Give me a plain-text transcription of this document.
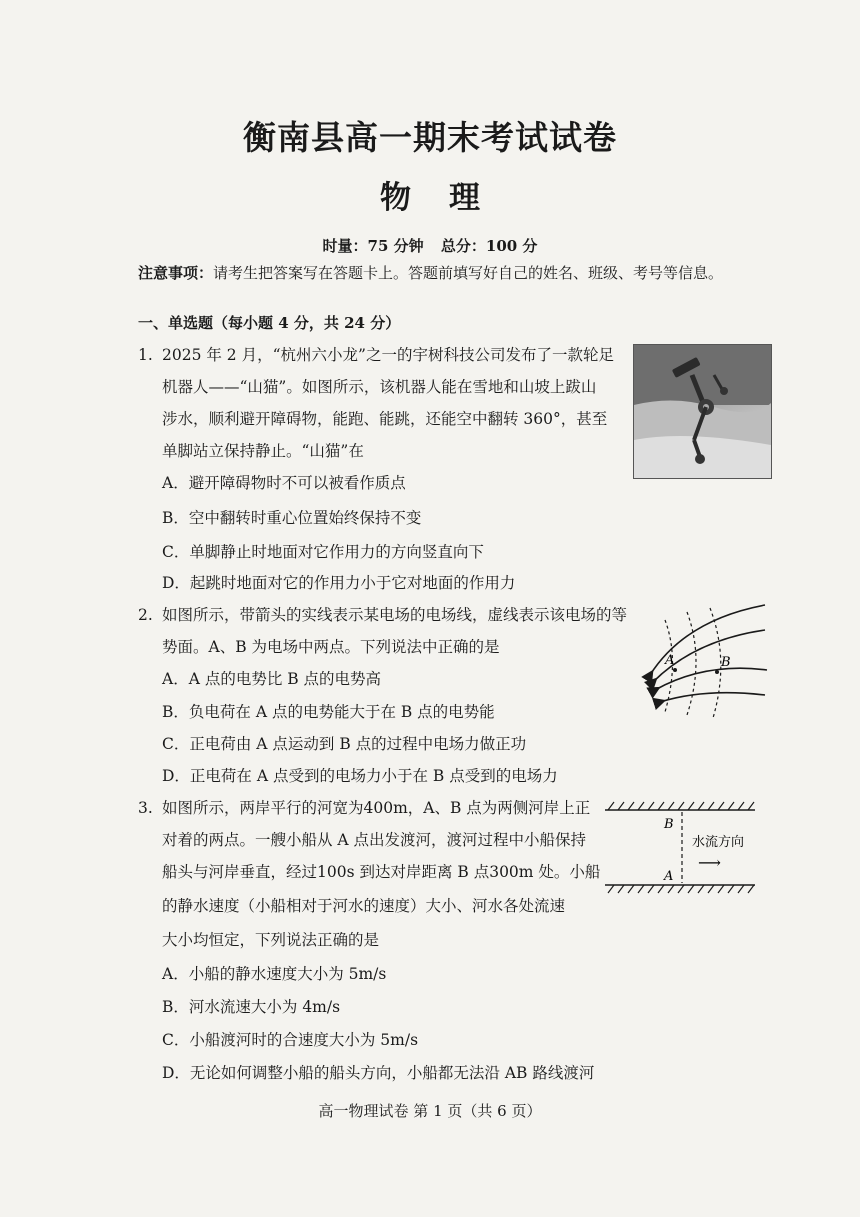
衡南县高一期末考试试卷
物理
时量：75 分钟 总分：100 分
注意事项：请考生把答案写在答题卡上。答题前填写好自己的姓名、班级、考号等信息。
一、单选题（每小题 4 分，共 24 分）
1. 2025 年 2 月，“杭州六小龙”之一的宇树科技公司发布了一款轮足
机器人——“山猫”。如图所示，该机器人能在雪地和山坡上跋山
涉水，顺利避开障碍物，能跑、能跳，还能空中翻转 360°，甚至
单脚站立保持静止。“山猫”在
A．避开障碍物时不可以被看作质点
B．空中翻转时重心位置始终保持不变
C．单脚静止时地面对它作用力的方向竖直向下
D．起跳时地面对它的作用力小于它对地面的作用力
2. 如图所示，带箭头的实线表示某电场的电场线，虚线表示该电场的等
势面。A、B 为电场中两点。下列说法中正确的是
A	B
A．A 点的电势比 B 点的电势高
B．负电荷在 A 点的电势能大于在 B 点的电势能
C．正电荷由 A 点运动到 B 点的过程中电场力做正功
D．正电荷在 A 点受到的电场力小于在 B 点受到的电场力
3. 如图所示，两岸平行的河宽为400m，A、B 点为两侧河岸上正
对着的两点。一艘小船从 A 点出发渡河，渡河过程中小船保持
船头与河岸垂直，经过100s 到达对岸距离 B 点300m 处。小船
的静水速度（小船相对于河水的速度）大小、河水各处流速
大小均恒定，下列说法正确的是
B
A
水流方向
⟶
A．小船的静水速度大小为 5m/s
B．河水流速大小为 4m/s
C．小船渡河时的合速度大小为 5m/s
D．无论如何调整小船的船头方向，小船都无法沿 AB 路线渡河
高一物理试卷 第 1 页（共 6 页）
